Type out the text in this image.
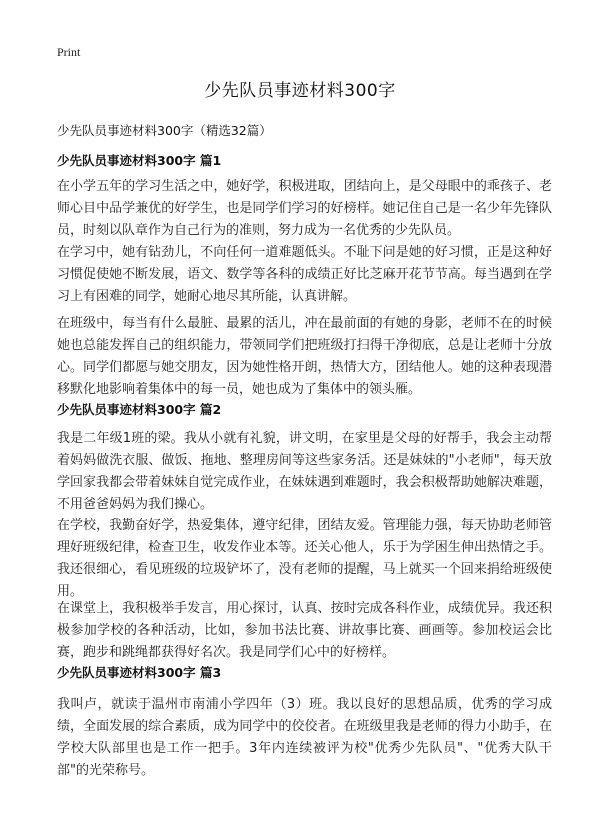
Print
少先队员事迹材料300字
少先队员事迹材料300字（精选32篇）
少先队员事迹材料300字 篇1

在小学五年的学习生活之中，她好学，积极进取，团结向上，是父母眼中的乖孩子、老师心目中品学兼优的好学生，也是同学们学习的好榜样。她记住自己是一名少年先锋队员，时刻以队章作为自己行为的准则，努力成为一名优秀的少先队员。

在学习中，她有钻劲儿，不向任何一道难题低头。不耻下问是她的好习惯，正是这种好习惯促使她不断发展，语文、数学等各科的成绩正好比芝麻开花节节高。每当遇到在学习上有困难的同学，她耐心地尽其所能，认真讲解。

在班级中，每当有什么最脏、最累的活儿，冲在最前面的有她的身影，老师不在的时候她也总能发挥自己的组织能力，带领同学们把班级打扫得干净彻底，总是让老师十分放心。同学们都愿与她交朋友，因为她性格开朗，热情大方，团结他人。她的这种表现潜移默化地影响着集体中的每一员，她也成为了集体中的领头雁。

少先队员事迹材料300字 篇2

我是二年级1班的梁。我从小就有礼貌，讲文明，在家里是父母的好帮手，我会主动帮着妈妈做洗衣服、做饭、拖地、整理房间等这些家务活。还是妹妹的"小老师"，每天放学回家我都会带着妹妹自觉完成作业，在妹妹遇到难题时，我会积极帮助她解决难题，不用爸爸妈妈为我们操心。

在学校，我勤奋好学，热爱集体，遵守纪律，团结友爱。管理能力强，每天协助老师管理好班级纪律，检查卫生，收发作业本等。还关心他人，乐于为学困生伸出热情之手。我还很细心，看见班级的垃圾铲坏了，没有老师的提醒，马上就买一个回来捐给班级使用。

在课堂上，我积极举手发言，用心探讨，认真、按时完成各科作业，成绩优异。我还积极参加学校的各种活动，比如，参加书法比赛、讲故事比赛、画画等。参加校运会比赛，跑步和跳绳都获得好名次。我是同学们心中的好榜样。

少先队员事迹材料300字 篇3

我叫卢，就读于温州市南浦小学四年（3）班。我以良好的思想品质，优秀的学习成绩，全面发展的综合素质，成为同学中的佼佼者。在班级里我是老师的得力小助手，在学校大队部里也是工作一把手。3年内连续被评为校"优秀少先队员"、"优秀大队干部"的光荣称号。
